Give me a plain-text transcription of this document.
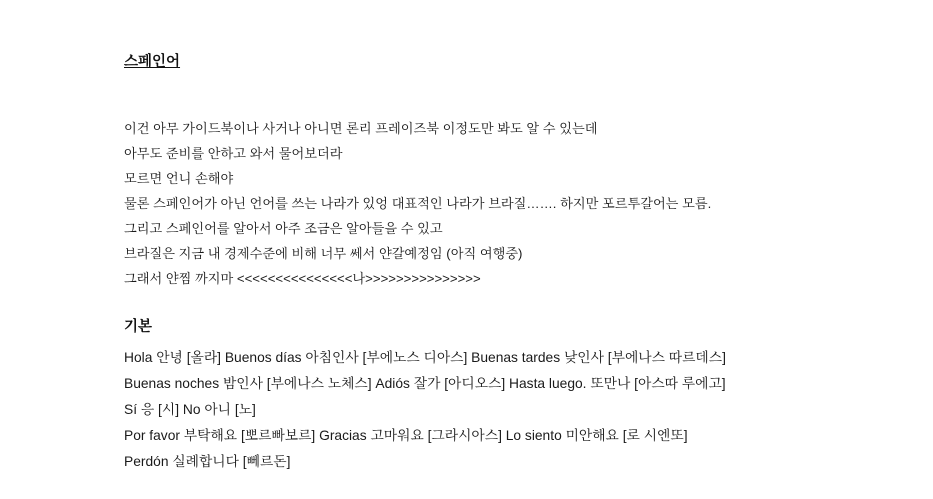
스페인어

이건 아무 가이드북이나 사거나 아니면 론리 프레이즈북 이정도만 봐도 알 수 있는데

아무도 준비를 안하고 와서 물어보더라

모르면 언니 손해야

물론 스페인어가 아닌 언어를 쓰는 나라가 있엉 대표적인 나라가 브라질……. 하지만 포르투갈어는 모름.

그리고 스페인어를 알아서 아주 조금은 알아들을 수 있고

브라질은 지금 내 경제수준에 비해 너무 쎄서 얀갈예정임 (아직 여행중)

그래서 얀찜 까지마 <<<<<<<<<<<<<<<나>>>>>>>>>>>>>>>

기본

Hola 안녕 [올라] Buenos días 아침인사 [부에노스 디아스] Buenas tardes 낮인사 [부에나스 따르데스]

Buenas noches 밤인사 [부에나스 노체스] Adiós 잘가 [아디오스] Hasta luego. 또만나 [아스따 루에고]

Sí 응 [시] No 아니 [노]

Por favor 부탁해요 [뽀르빠보르] Gracias 고마워요 [그라시아스] Lo siento 미안해요 [로 시엔또]

Perdón 실례합니다 [뻬르돈]
